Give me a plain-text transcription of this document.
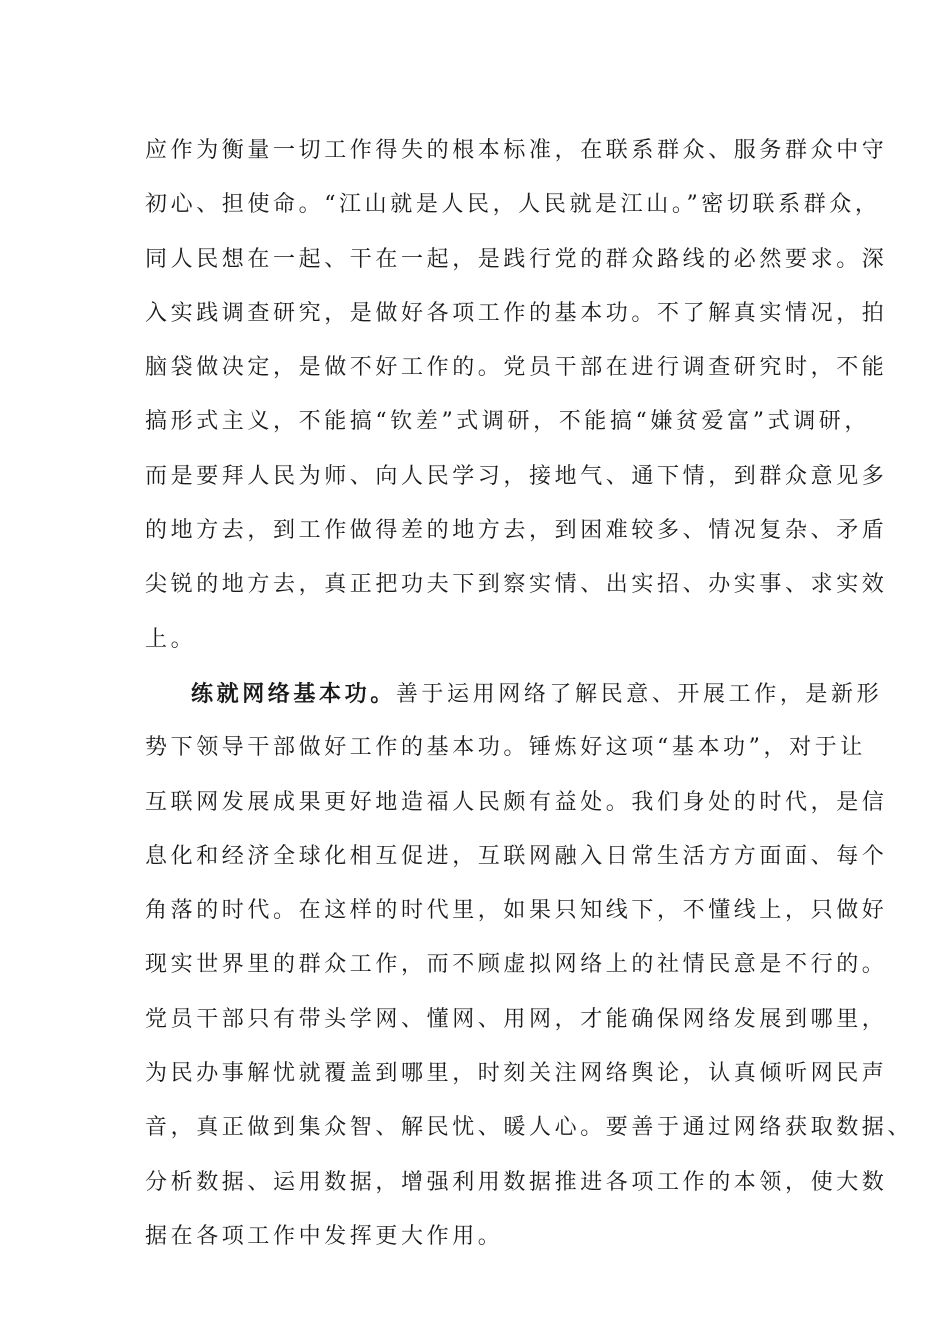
应作为衡量一切工作得失的根本标准，在联系群众、服务群众中守
初心、担使命。“江山就是人民，人民就是江山。”密切联系群众，
同人民想在一起、干在一起，是践行党的群众路线的必然要求。深
入实践调查研究，是做好各项工作的基本功。不了解真实情况，拍
脑袋做决定，是做不好工作的。党员干部在进行调查研究时，不能
搞形式主义，不能搞“钦差”式调研，不能搞“嫌贫爱富”式调研，
而是要拜人民为师、向人民学习，接地气、通下情，到群众意见多
的地方去，到工作做得差的地方去，到困难较多、情况复杂、矛盾
尖锐的地方去，真正把功夫下到察实情、出实招、办实事、求实效
上。
练就网络基本功。善于运用网络了解民意、开展工作，是新形
势下领导干部做好工作的基本功。锤炼好这项“基本功”，对于让
互联网发展成果更好地造福人民颇有益处。我们身处的时代，是信
息化和经济全球化相互促进，互联网融入日常生活方方面面、每个
角落的时代。在这样的时代里，如果只知线下，不懂线上，只做好
现实世界里的群众工作，而不顾虚拟网络上的社情民意是不行的。
党员干部只有带头学网、懂网、用网，才能确保网络发展到哪里，
为民办事解忧就覆盖到哪里，时刻关注网络舆论，认真倾听网民声
音，真正做到集众智、解民忧、暖人心。要善于通过网络获取数据、
分析数据、运用数据，增强利用数据推进各项工作的本领，使大数
据在各项工作中发挥更大作用。
